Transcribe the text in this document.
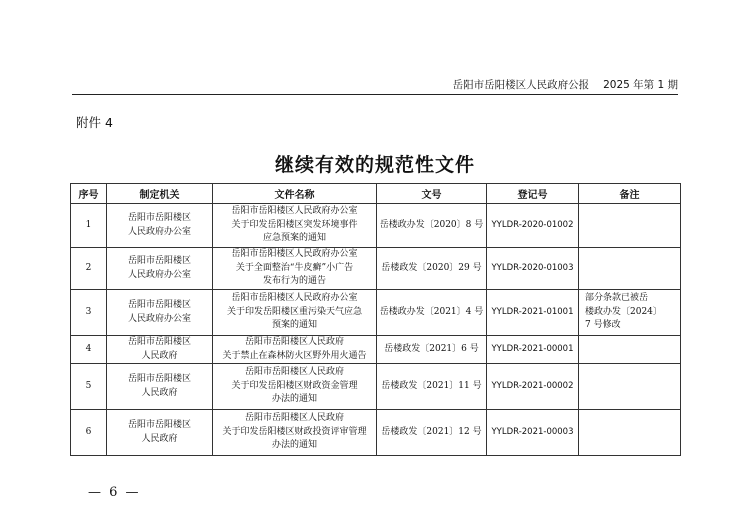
岳阳市岳阳楼区人民政府公报 2025 年第 1 期
附件 4
继续有效的规范性文件
序号	制定机关	文件名称	文号	登记号	备注
1	岳阳市岳阳楼区
人民政府办公室	岳阳市岳阳楼区人民政府办公室
关于印发岳阳楼区突发环境事件
应急预案的通知	岳楼政办发〔2020〕8 号	YYLDR-2020-01002	
2	岳阳市岳阳楼区
人民政府办公室	岳阳市岳阳楼区人民政府办公室
关于全面整治“牛皮癣”小广告
发布行为的通告	岳楼政发〔2020〕29 号	YYLDR-2020-01003	
3	岳阳市岳阳楼区
人民政府办公室	岳阳市岳阳楼区人民政府办公室
关于印发岳阳楼区重污染天气应急
预案的通知	岳楼政办发〔2021〕4 号	YYLDR-2021-01001	部分条款已被岳
楼政办发〔2024〕
7 号修改

4	岳阳市岳阳楼区
人民政府	岳阳市岳阳楼区人民政府
关于禁止在森林防火区野外用火通告	岳楼政发〔2021〕6 号	YYLDR-2021-00001	
5	岳阳市岳阳楼区
人民政府	岳阳市岳阳楼区人民政府
关于印发岳阳楼区财政资金管理
办法的通知	岳楼政发〔2021〕11 号	YYLDR-2021-00002	
6	岳阳市岳阳楼区
人民政府	岳阳市岳阳楼区人民政府
关于印发岳阳楼区财政投资评审管理
办法的通知	岳楼政发〔2021〕12 号	YYLDR-2021-00003	
— 6 —
